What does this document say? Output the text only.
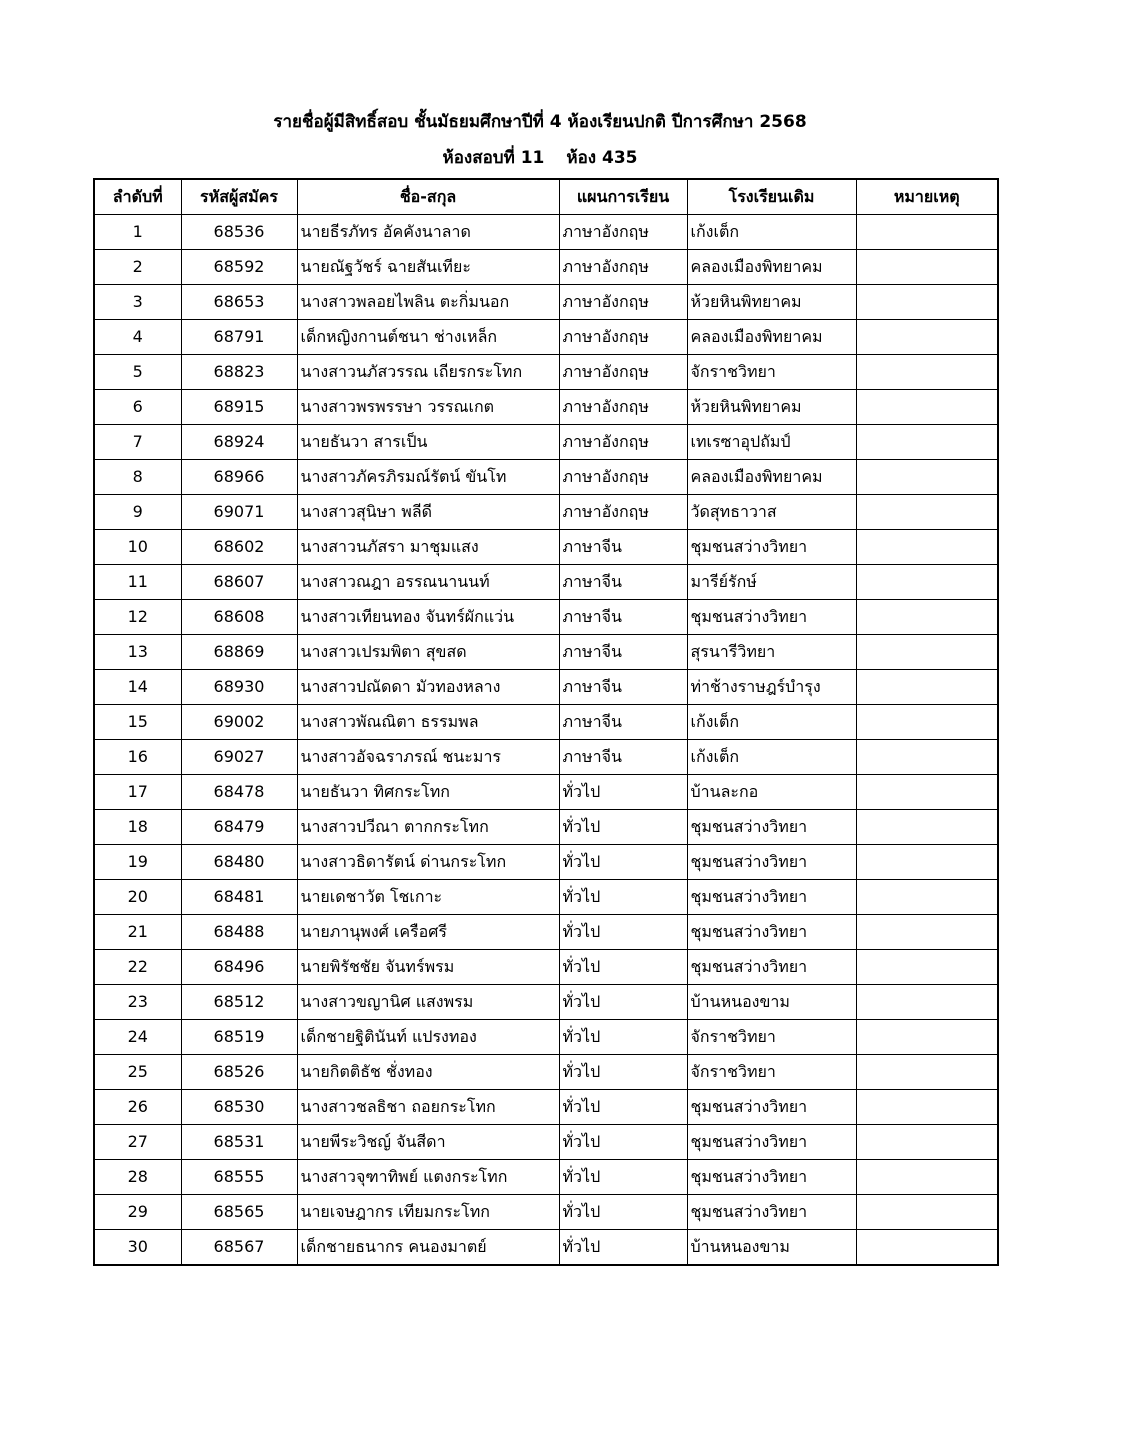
รายชื่อผู้มีสิทธิ์สอบ ชั้นมัธยมศึกษาปีที่ 4 ห้องเรียนปกติ ปีการศึกษา 2568
ห้องสอบที่ 11 ห้อง 435
ลำดับที่	รหัสผู้สมัคร	ชื่อ-สกุล	แผนการเรียน	โรงเรียนเดิม	หมายเหตุ
1	68536	นายธีรภัทร อัคคังนาลาด	ภาษาอังกฤษ	เก้งเต็ก	
2	68592	นายณัฐวัชร์ ฉายสันเทียะ	ภาษาอังกฤษ	คลองเมืองพิทยาคม	
3	68653	นางสาวพลอยไพลิน ตะกิ่มนอก	ภาษาอังกฤษ	ห้วยหินพิทยาคม	
4	68791	เด็กหญิงกานต์ชนา ช่างเหล็ก	ภาษาอังกฤษ	คลองเมืองพิทยาคม	
5	68823	นางสาวนภัสวรรณ เถียรกระโทก	ภาษาอังกฤษ	จักราชวิทยา	
6	68915	นางสาวพรพรรษา วรรณเกต	ภาษาอังกฤษ	ห้วยหินพิทยาคม	
7	68924	นายธันวา สารเป็น	ภาษาอังกฤษ	เทเรซาอุปถัมป์	
8	68966	นางสาวภัครภิรมณ์รัตน์ ขันโท	ภาษาอังกฤษ	คลองเมืองพิทยาคม	
9	69071	นางสาวสุนิษา พลีดี	ภาษาอังกฤษ	วัดสุทธาวาส	
10	68602	นางสาวนภัสรา มาชุมแสง	ภาษาจีน	ชุมชนสว่างวิทยา	
11	68607	นางสาวณฎา อรรณนานนท์	ภาษาจีน	มารีย์รักษ์	
12	68608	นางสาวเทียนทอง จันทร์ผักแว่น	ภาษาจีน	ชุมชนสว่างวิทยา	
13	68869	นางสาวเปรมพิตา สุขสด	ภาษาจีน	สุรนารีวิทยา	
14	68930	นางสาวปณัดดา มัวทองหลาง	ภาษาจีน	ท่าช้างราษฎร์บำรุง	
15	69002	นางสาวพัณณิตา ธรรมพล	ภาษาจีน	เก้งเต็ก	
16	69027	นางสาวอัจฉราภรณ์ ชนะมาร	ภาษาจีน	เก้งเต็ก	
17	68478	นายธันวา ทิศกระโทก	ทั่วไป	บ้านละกอ	
18	68479	นางสาวปวีณา ตากกระโทก	ทั่วไป	ชุมชนสว่างวิทยา	
19	68480	นางสาวธิดารัตน์ ด่านกระโทก	ทั่วไป	ชุมชนสว่างวิทยา	
20	68481	นายเดชาวัต โชเกาะ	ทั่วไป	ชุมชนสว่างวิทยา	
21	68488	นายภานุพงศ์ เครือศรี	ทั่วไป	ชุมชนสว่างวิทยา	
22	68496	นายพิรัชชัย จันทร์พรม	ทั่วไป	ชุมชนสว่างวิทยา	
23	68512	นางสาวขญานิศ แสงพรม	ทั่วไป	บ้านหนองขาม	
24	68519	เด็กชายฐิตินันท์ แปรงทอง	ทั่วไป	จักราชวิทยา	
25	68526	นายกิตติธัช ชั่งทอง	ทั่วไป	จักราชวิทยา	
26	68530	นางสาวชลธิชา ถอยกระโทก	ทั่วไป	ชุมชนสว่างวิทยา	
27	68531	นายพีระวิชญ์ จันสีดา	ทั่วไป	ชุมชนสว่างวิทยา	
28	68555	นางสาวจุฑาทิพย์ แตงกระโทก	ทั่วไป	ชุมชนสว่างวิทยา	
29	68565	นายเจษฎากร เทียมกระโทก	ทั่วไป	ชุมชนสว่างวิทยา	
30	68567	เด็กชายธนากร คนองมาตย์	ทั่วไป	บ้านหนองขาม	
